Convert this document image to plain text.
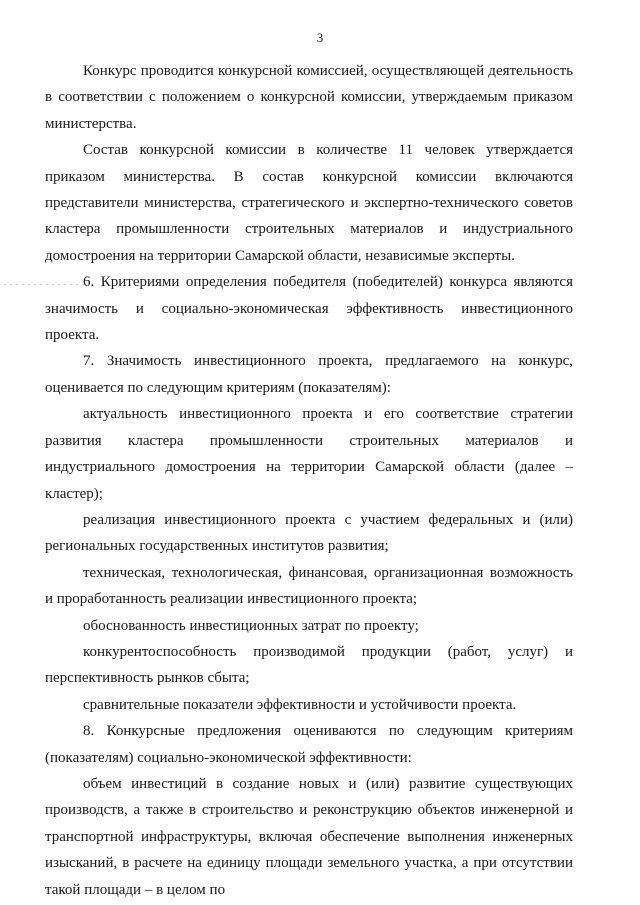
3
. . . . . . . . . . . . . .

Конкурс проводится конкурсной комиссией, осуществляющей деятельность в соответствии с положением о конкурсной комиссии, утверждаемым приказом министерства.

Состав конкурсной комиссии в количестве 11 человек утверждается приказом министерства. В состав конкурсной комиссии включаются представители министерства, стратегического и экспертно-технического советов кластера промышленности строительных материалов и индустриального домостроения на территории Самарской области, независимые эксперты.

6. Критериями определения победителя (победителей) конкурса являются значимость и социально-экономическая эффективность инвестиционного проекта.

7. Значимость инвестиционного проекта, предлагаемого на конкурс, оценивается по следующим критериям (показателям):

актуальность инвестиционного проекта и его соответствие стратегии развития кластера промышленности строительных материалов и индустриального домостроения на территории Самарской области (далее – кластер);

реализация инвестиционного проекта с участием федеральных и (или) региональных государственных институтов развития;

техническая, технологическая, финансовая, организационная возможность и проработанность реализации инвестиционного проекта;

обоснованность инвестиционных затрат по проекту;

конкурентоспособность производимой продукции (работ, услуг) и перспективность рынков сбыта;

сравнительные показатели эффективности и устойчивости проекта.

8. Конкурсные предложения оцениваются по следующим критериям (показателям) социально-экономической эффективности:

объем инвестиций в создание новых и (или) развитие существующих производств, а также в строительство и реконструкцию объектов инженерной и транспортной инфраструктуры, включая обеспечение выполнения инженерных изысканий, в расчете на единицу площади земельного участка, а при отсутствии такой площади – в целом по
